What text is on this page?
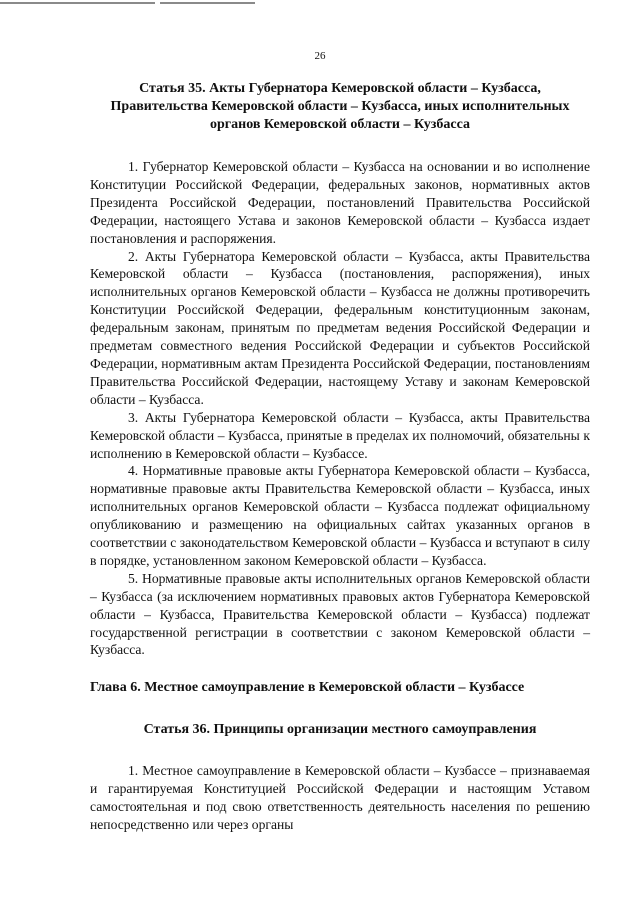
26
Статья 35. Акты Губернатора Кемеровской области – Кузбасса, Правительства Кемеровской области – Кузбасса, иных исполнительных органов Кемеровской области – Кузбасса

1. Губернатор Кемеровской области – Кузбасса на основании и во исполнение Конституции Российской Федерации, федеральных законов, нормативных актов Президента Российской Федерации, постановлений Правительства Российской Федерации, настоящего Устава и законов Кемеровской области – Кузбасса издает постановления и распоряжения.

2. Акты Губернатора Кемеровской области – Кузбасса, акты Правительства Кемеровской области – Кузбасса (постановления, распоряжения), иных исполнительных органов Кемеровской области – Кузбасса не должны противоречить Конституции Российской Федерации, федеральным конституционным законам, федеральным законам, принятым по предметам ведения Российской Федерации и предметам совместного ведения Российской Федерации и субъектов Российской Федерации, нормативным актам Президента Российской Федерации, постановлениям Правительства Российской Федерации, настоящему Уставу и законам Кемеровской области – Кузбасса.

3. Акты Губернатора Кемеровской области – Кузбасса, акты Правительства Кемеровской области – Кузбасса, принятые в пределах их полномочий, обязательны к исполнению в Кемеровской области – Кузбассе.

4. Нормативные правовые акты Губернатора Кемеровской области – Кузбасса, нормативные правовые акты Правительства Кемеровской области – Кузбасса, иных исполнительных органов Кемеровской области – Кузбасса подлежат официальному опубликованию и размещению на официальных сайтах указанных органов в соответствии с законодательством Кемеровской области – Кузбасса и вступают в силу в порядке, установленном законом Кемеровской области – Кузбасса.

5. Нормативные правовые акты исполнительных органов Кемеровской области – Кузбасса (за исключением нормативных правовых актов Губернатора Кемеровской области – Кузбасса, Правительства Кемеровской области – Кузбасса) подлежат государственной регистрации в соответствии с законом Кемеровской области – Кузбасса.

Глава 6. Местное самоуправление в Кемеровской области – Кузбассе
Статья 36. Принципы организации местного самоуправления

1. Местное самоуправление в Кемеровской области – Кузбассе – признаваемая и гарантируемая Конституцией Российской Федерации и настоящим Уставом самостоятельная и под свою ответственность деятельность населения по решению непосредственно или через органы
